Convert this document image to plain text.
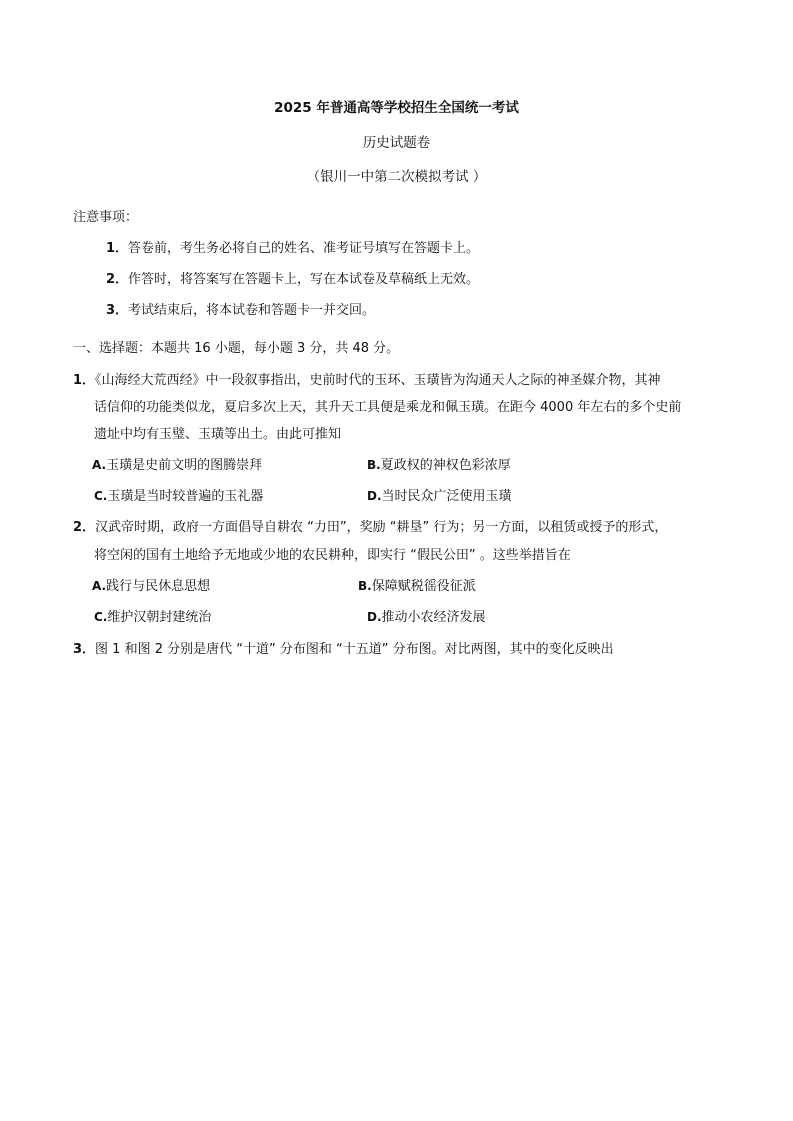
2025 年普通高等学校招生全国统一考试
历史试题卷
（银川一中第二次模拟考试 ）
注意事项：
1．答卷前，考生务必将自己的姓名、准考证号填写在答题卡上。
2．作答时，将答案写在答题卡上，写在本试卷及草稿纸上无效。
3．考试结束后，将本试卷和答题卡一并交回。
一、选择题：本题共 16 小题，每小题 3 分，共 48 分。
1．《山海经大荒西经》中一段叙事指出，史前时代的玉环、玉璜皆为沟通天人之际的神圣媒介物，其神
话信仰的功能类似龙，夏启多次上天，其升天工具便是乘龙和佩玉璜。在距今 4000 年左右的多个史前
遗址中均有玉璧、玉璜等出土。由此可推知
A.玉璜是史前文明的图腾崇拜	B.夏政权的神权色彩浓厚
C.玉璜是当时较普遍的玉礼器	D.当时民众广泛使用玉璜
2．汉武帝时期，政府一方面倡导自耕农 “力田”，奖励 “耕垦” 行为；另一方面，以租赁或授予的形式，
将空闲的国有土地给予无地或少地的农民耕种，即实行 “假民公田” 。这些举措旨在
A.践行与民休息思想	B.保障赋税徭役征派
C.维护汉朝封建统治	D.推动小农经济发展
3．图 1 和图 2 分别是唐代 “十道” 分布图和 “十五道” 分布图。对比两图，其中的变化反映出
